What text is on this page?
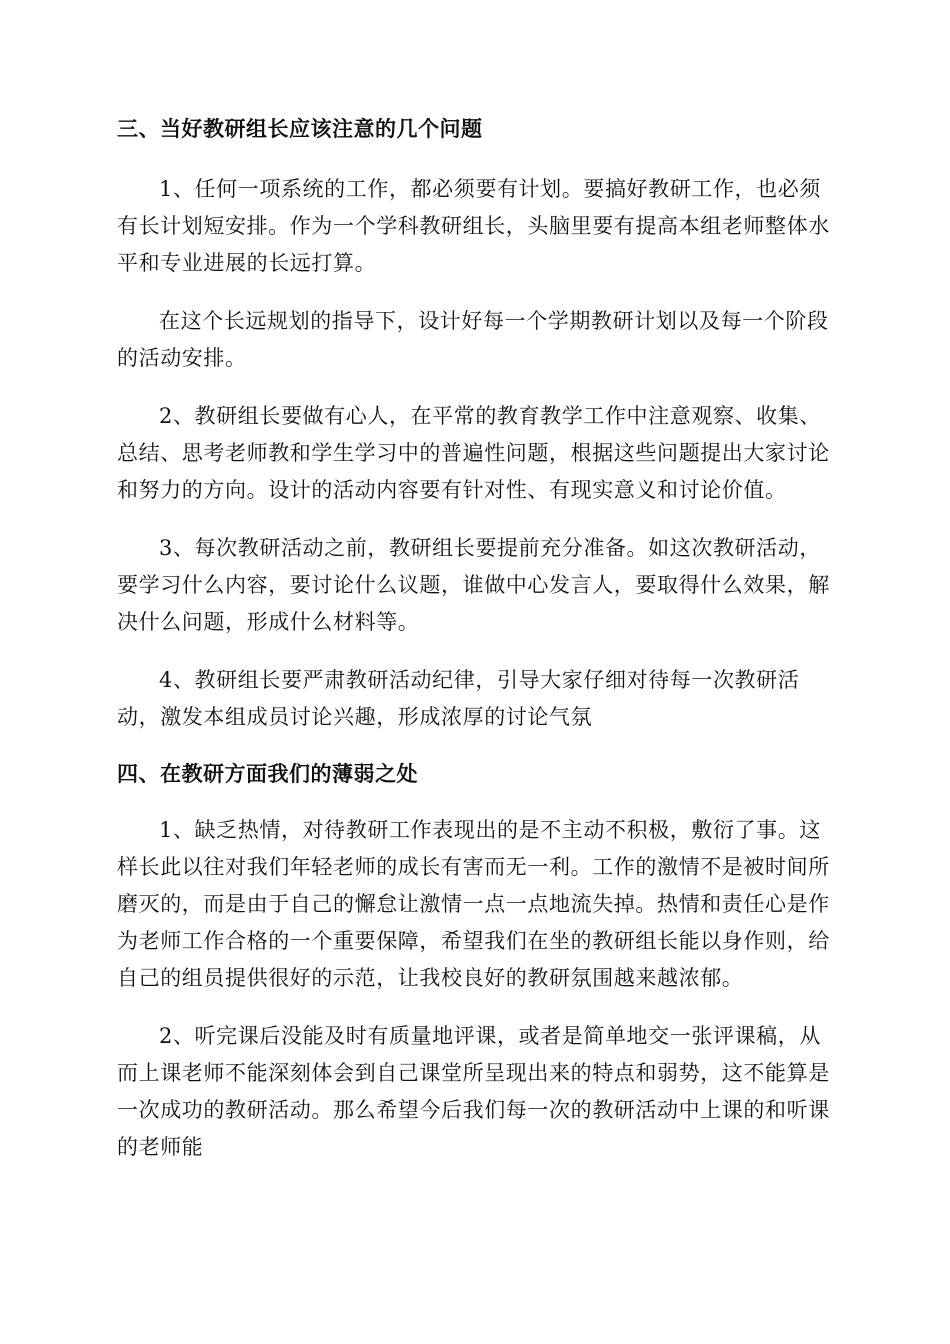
三、当好教研组长应该注意的几个问题

1、任何一项系统的工作，都必须要有计划。要搞好教研工作，也必须有长计划短安排。作为一个学科教研组长，头脑里要有提高本组老师整体水平和专业进展的长远打算。

在这个长远规划的指导下，设计好每一个学期教研计划以及每一个阶段的活动安排。

2、教研组长要做有心人，在平常的教育教学工作中注意观察、收集、总结、思考老师教和学生学习中的普遍性问题，根据这些问题提出大家讨论和努力的方向。设计的活动内容要有针对性、有现实意义和讨论价值。

3、每次教研活动之前，教研组长要提前充分准备。如这次教研活动，要学习什么内容，要讨论什么议题，谁做中心发言人，要取得什么效果，解决什么问题，形成什么材料等。

4、教研组长要严肃教研活动纪律，引导大家仔细对待每一次教研活动，激发本组成员讨论兴趣，形成浓厚的讨论气氛

四、在教研方面我们的薄弱之处

1、缺乏热情，对待教研工作表现出的是不主动不积极，敷衍了事。这样长此以往对我们年轻老师的成长有害而无一利。工作的激情不是被时间所磨灭的，而是由于自己的懈怠让激情一点一点地流失掉。热情和责任心是作为老师工作合格的一个重要保障，希望我们在坐的教研组长能以身作则，给自己的组员提供很好的示范，让我校良好的教研氛围越来越浓郁。

2、听完课后没能及时有质量地评课，或者是简单地交一张评课稿，从而上课老师不能深刻体会到自己课堂所呈现出来的特点和弱势，这不能算是一次成功的教研活动。那么希望今后我们每一次的教研活动中上课的和听课的老师能
